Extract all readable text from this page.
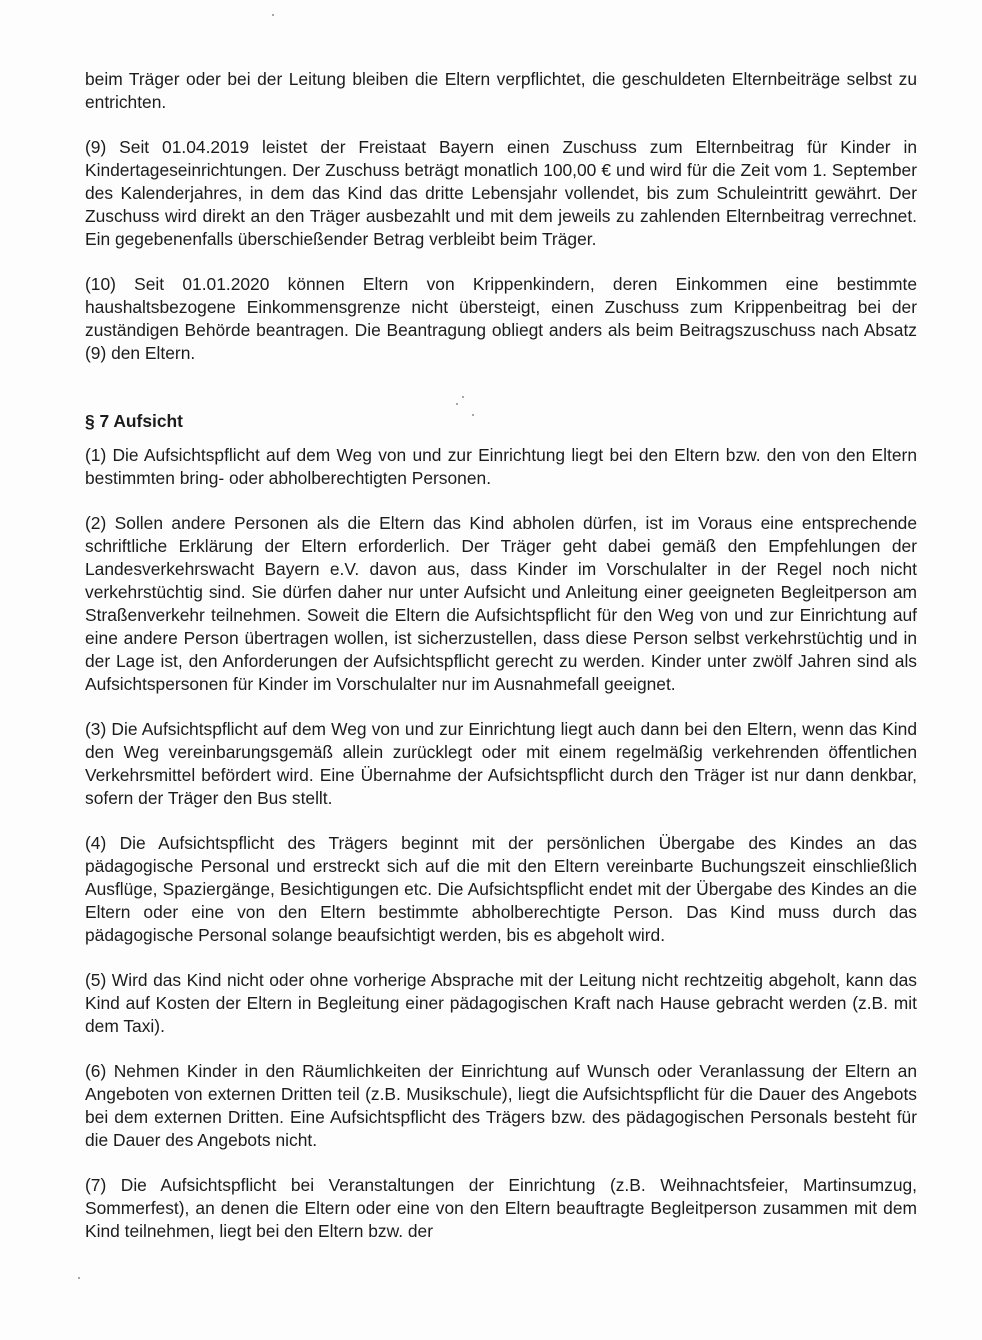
beim Träger oder bei der Leitung bleiben die Eltern verpflichtet, die geschuldeten Elternbeiträge selbst zu entrichten.

(9) Seit 01.04.2019 leistet der Freistaat Bayern einen Zuschuss zum Elternbeitrag für Kinder in Kindertageseinrichtungen. Der Zuschuss beträgt monatlich 100,00 € und wird für die Zeit vom 1. September des Kalenderjahres, in dem das Kind das dritte Lebensjahr vollendet, bis zum Schuleintritt gewährt. Der Zuschuss wird direkt an den Träger ausbezahlt und mit dem jeweils zu zahlenden Elternbeitrag verrechnet. Ein gegebenenfalls überschießender Betrag verbleibt beim Träger.

(10) Seit 01.01.2020 können Eltern von Krippenkindern, deren Einkommen eine bestimmte haushaltsbezogene Einkommensgrenze nicht übersteigt, einen Zuschuss zum Krippenbeitrag bei der zuständigen Behörde beantragen. Die Beantragung obliegt anders als beim Beitragszuschuss nach Absatz (9) den Eltern.

§ 7 Aufsicht

(1) Die Aufsichtspflicht auf dem Weg von und zur Einrichtung liegt bei den Eltern bzw. den von den Eltern bestimmten bring- oder abholberechtigten Personen.

(2) Sollen andere Personen als die Eltern das Kind abholen dürfen, ist im Voraus eine entsprechende schriftliche Erklärung der Eltern erforderlich. Der Träger geht dabei gemäß den Empfehlungen der Landesverkehrswacht Bayern e.V. davon aus, dass Kinder im Vorschulalter in der Regel noch nicht verkehrstüchtig sind. Sie dürfen daher nur unter Aufsicht und Anleitung einer geeigneten Begleitperson am Straßenverkehr teilnehmen. Soweit die Eltern die Aufsichtspflicht für den Weg von und zur Einrichtung auf eine andere Person übertragen wollen, ist sicherzustellen, dass diese Person selbst verkehrstüchtig und in der Lage ist, den Anforderungen der Aufsichtspflicht gerecht zu werden. Kinder unter zwölf Jahren sind als Aufsichtspersonen für Kinder im Vorschulalter nur im Ausnahmefall geeignet.

(3) Die Aufsichtspflicht auf dem Weg von und zur Einrichtung liegt auch dann bei den Eltern, wenn das Kind den Weg vereinbarungsgemäß allein zurücklegt oder mit einem regelmäßig verkehrenden öffentlichen Verkehrsmittel befördert wird. Eine Übernahme der Aufsichtspflicht durch den Träger ist nur dann denkbar, sofern der Träger den Bus stellt.

(4) Die Aufsichtspflicht des Trägers beginnt mit der persönlichen Übergabe des Kindes an das pädagogische Personal und erstreckt sich auf die mit den Eltern vereinbarte Buchungszeit einschließlich Ausflüge, Spaziergänge, Besichtigungen etc. Die Aufsichtspflicht endet mit der Übergabe des Kindes an die Eltern oder eine von den Eltern bestimmte abholberechtigte Person. Das Kind muss durch das pädagogische Personal solange beaufsichtigt werden, bis es abgeholt wird.

(5) Wird das Kind nicht oder ohne vorherige Absprache mit der Leitung nicht rechtzeitig abgeholt, kann das Kind auf Kosten der Eltern in Begleitung einer pädagogischen Kraft nach Hause gebracht werden (z.B. mit dem Taxi).

(6) Nehmen Kinder in den Räumlichkeiten der Einrichtung auf Wunsch oder Veranlassung der Eltern an Angeboten von externen Dritten teil (z.B. Musikschule), liegt die Aufsichtspflicht für die Dauer des Angebots bei dem externen Dritten. Eine Aufsichtspflicht des Trägers bzw. des pädagogischen Personals besteht für die Dauer des Angebots nicht.

(7) Die Aufsichtspflicht bei Veranstaltungen der Einrichtung (z.B. Weihnachtsfeier, Martinsumzug, Sommerfest), an denen die Eltern oder eine von den Eltern beauftragte Begleitperson zusammen mit dem Kind teilnehmen, liegt bei den Eltern bzw. der
